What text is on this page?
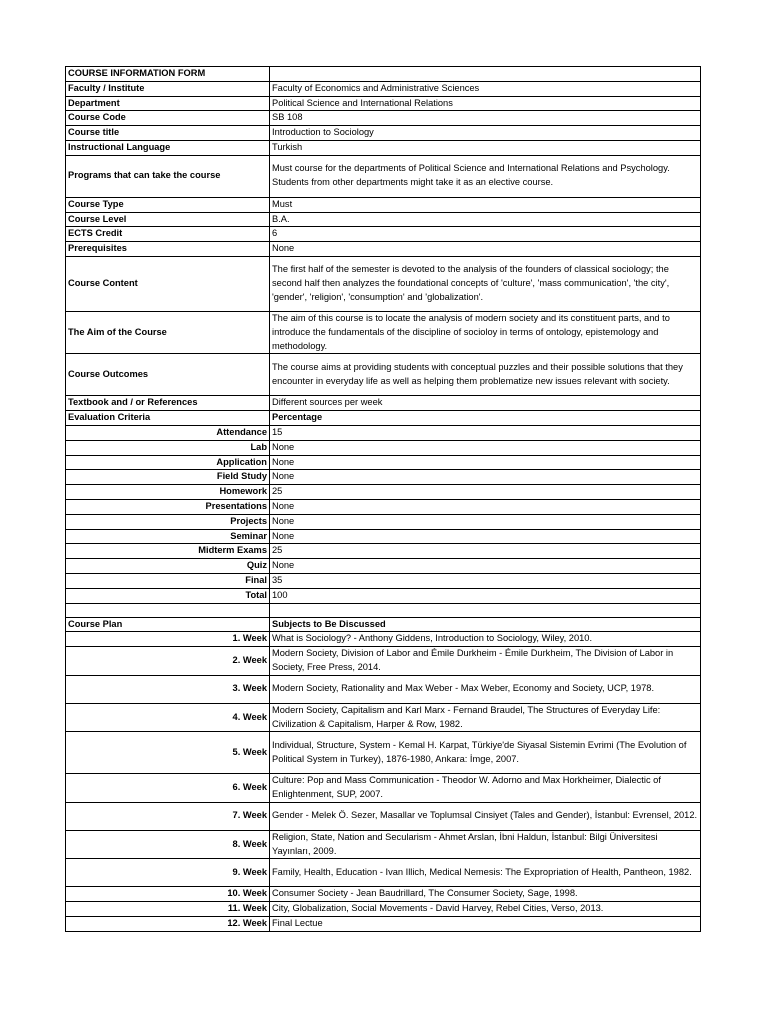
COURSE INFORMATION FORM	
Faculty / Institute	Faculty of Economics and Administrative Sciences
Department	Political Science and International Relations
Course Code	SB 108
Course title	Introduction to Sociology
Instructional Language	Turkish
Programs that can take the course	Must course for the departments of Political Science and International Relations and Psychology. Students from other departments might take it as an elective course.
Course Type	Must
Course Level	B.A.
ECTS Credit	6
Prerequisites	None
Course Content	The first half of the semester is devoted to the analysis of the founders of classical sociology; the second half then analyzes the foundational concepts of 'culture', 'mass communication', 'the city', 'gender', 'religion', 'consumption' and 'globalization'.
The Aim of the Course	The aim of this course is to locate the analysis of modern society and its constituent parts, and to introduce the fundamentals of the discipline of socioloy in terms of ontology, epistemology and methodology.
Course Outcomes	The course aims at providing students with conceptual puzzles and their possible solutions that they encounter in everyday life as well as helping them problematize new issues relevant with society.
Textbook and / or References	Different sources per week
Evaluation Criteria	Percentage
Attendance	15
Lab	None
Application	None
Field Study	None
Homework	25
Presentations	None
Projects	None
Seminar	None
Midterm Exams	25
Quiz	None
Final	35
Total	100

Course Plan	Subjects to Be Discussed
1. Week	What is Sociology? - Anthony Giddens, Introduction to Sociology, Wiley, 2010.
2. Week	Modern Society, Division of Labor and Émile Durkheim - Émile Durkheim, The Division of Labor in Society, Free Press, 2014.
3. Week	Modern Society, Rationality and Max Weber - Max Weber, Economy and Society, UCP, 1978.
4. Week	Modern Society, Capitalism and Karl Marx - Fernand Braudel, The Structures of Everyday Life: Civilization & Capitalism, Harper & Row, 1982.
5. Week	Individual, Structure, System - Kemal H. Karpat, Türkiye'de Siyasal Sistemin Evrimi (The Evolution of Political System in Turkey), 1876-1980, Ankara: İmge, 2007.
6. Week	Culture: Pop and Mass Communication - Theodor W. Adorno and Max Horkheimer, Dialectic of Enlightenment, SUP, 2007.
7. Week	Gender - Melek Ö. Sezer, Masallar ve Toplumsal Cinsiyet (Tales and Gender), İstanbul: Evrensel, 2012.
8. Week	Religion, State, Nation and Secularism - Ahmet Arslan, İbni Haldun, İstanbul: Bilgi Üniversitesi Yayınları, 2009.
9. Week	Family, Health, Education - Ivan Illich, Medical Nemesis: The Expropriation of Health, Pantheon, 1982.
10. Week	Consumer Society - Jean Baudrillard, The Consumer Society, Sage, 1998.
11. Week	City, Globalization, Social Movements - David Harvey, Rebel Cities, Verso, 2013.
12. Week	Final Lectue
